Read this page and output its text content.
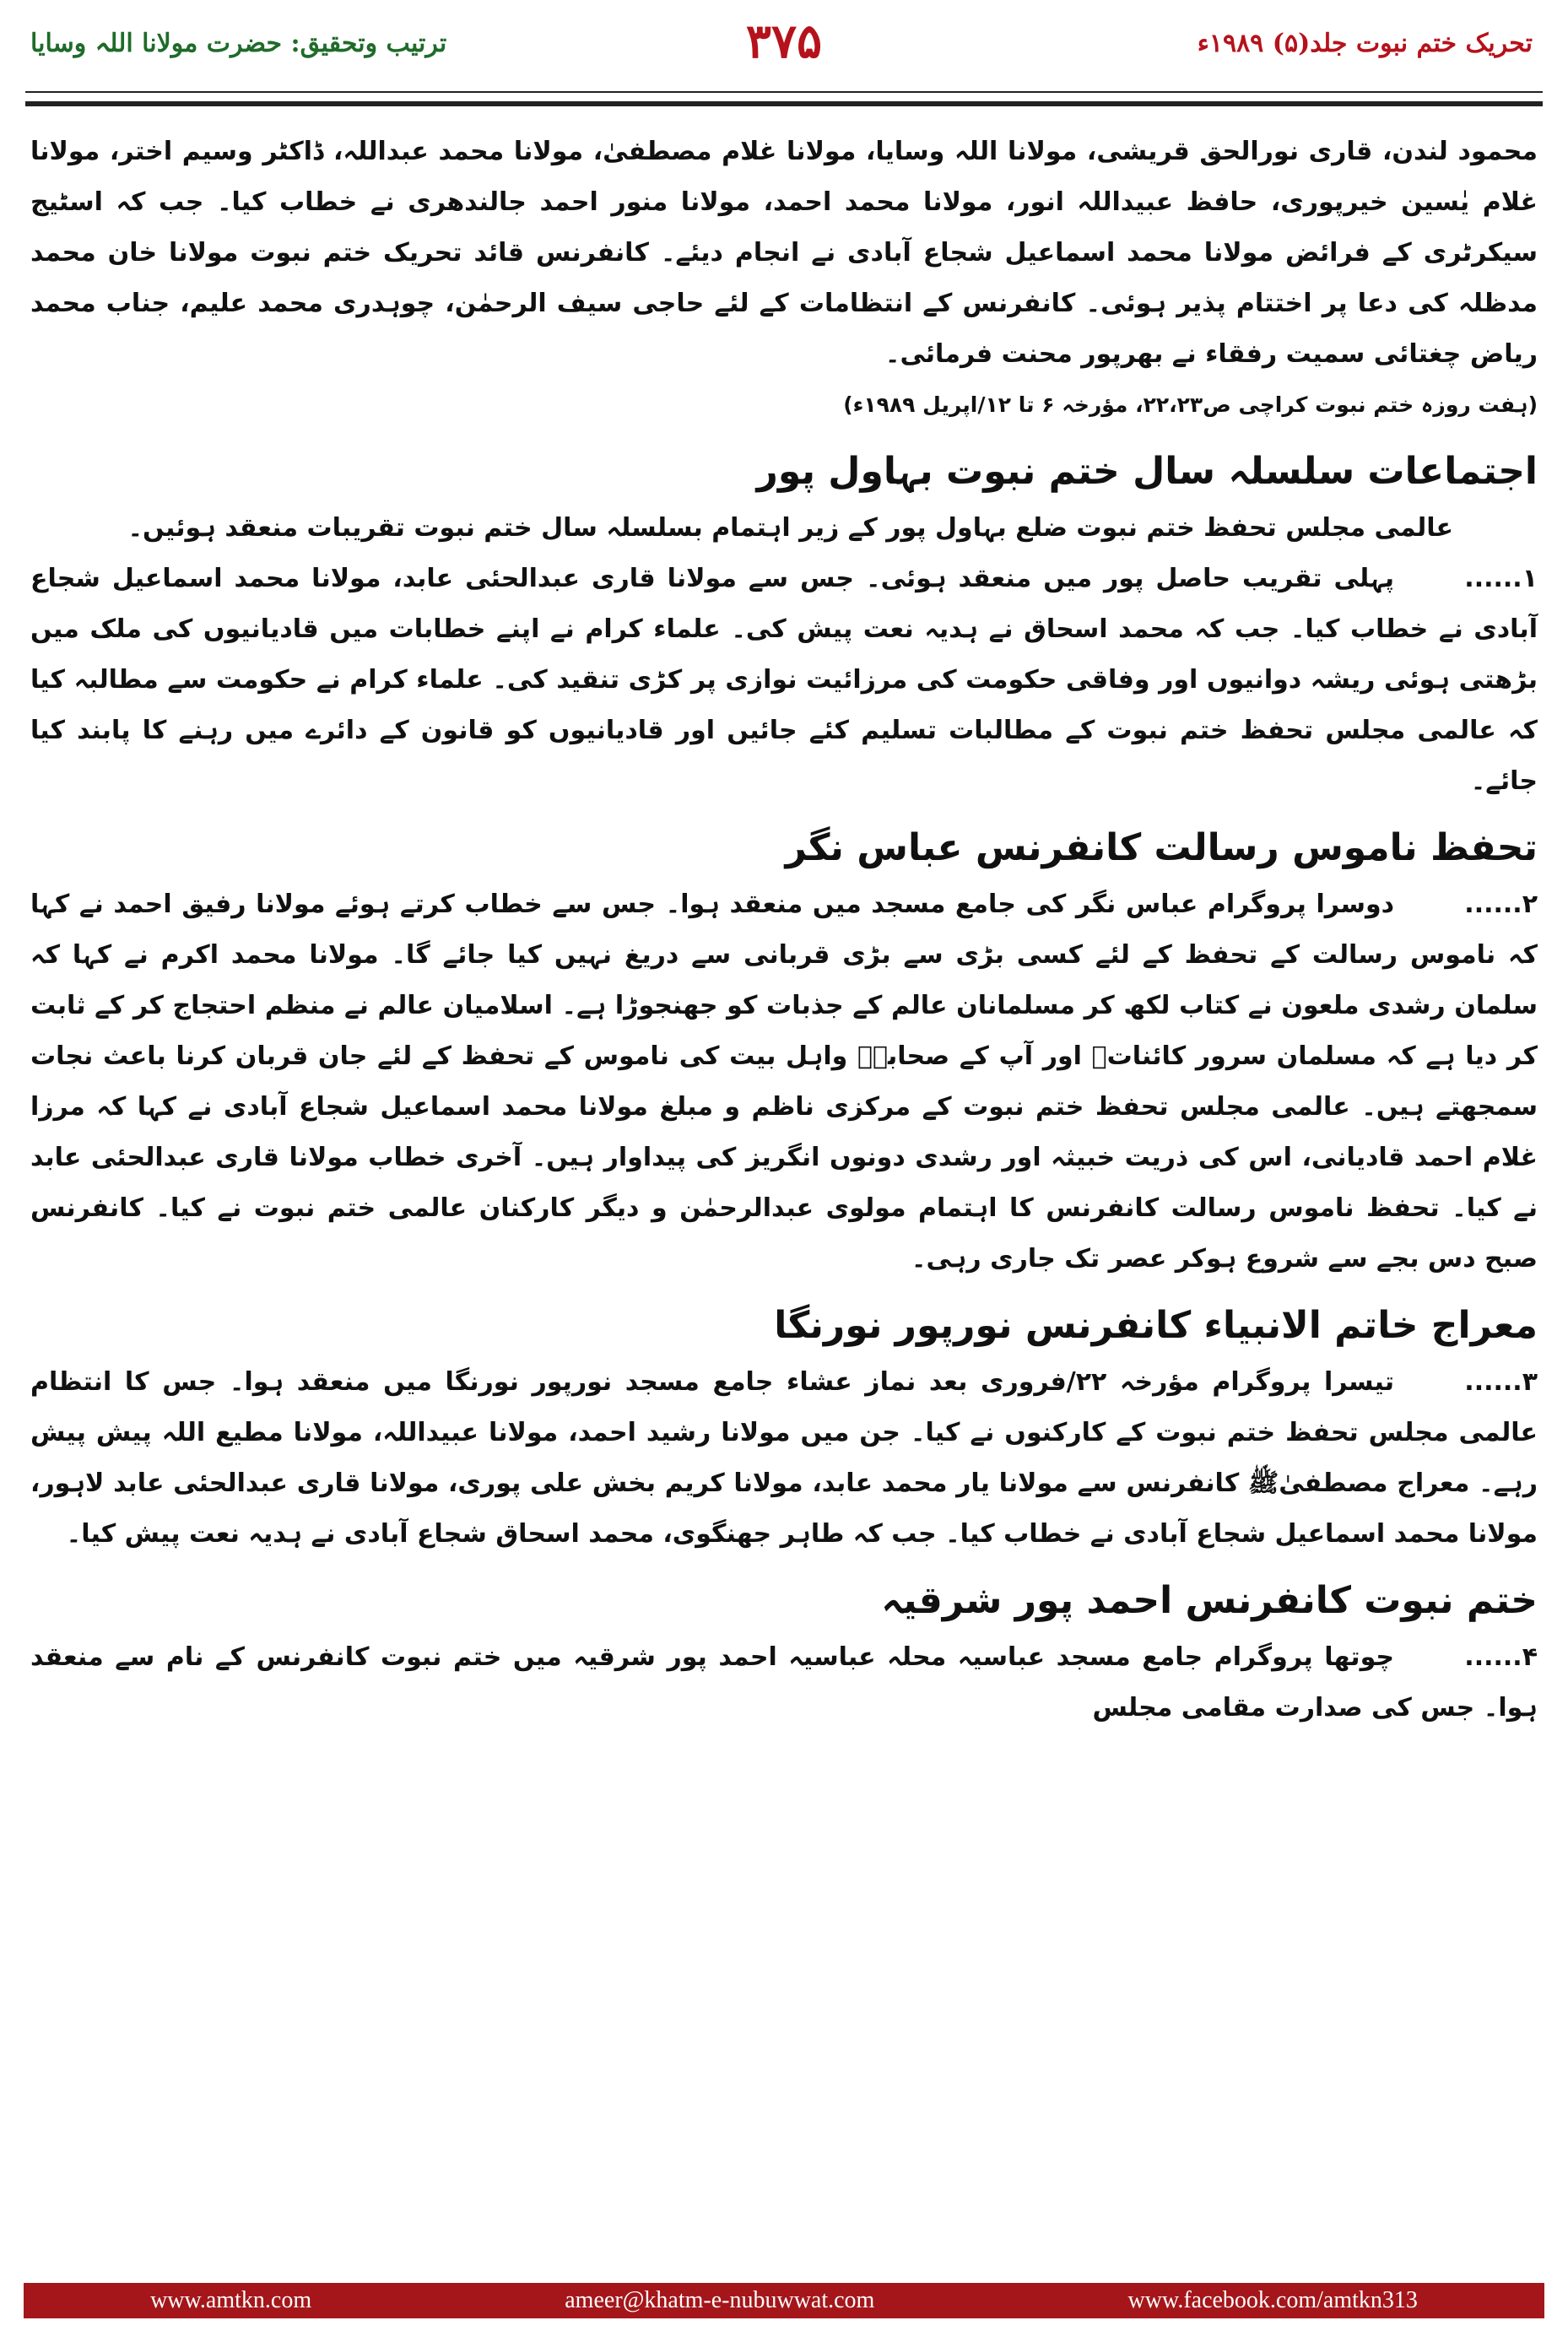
ترتیب وتحقیق: حضرت مولانا اللہ وسایا	۳۷۵	تحریک ختم نبوت جلد(۵) ۱۹۸۹ء

محمود لندن، قاری نورالحق قریشی، مولانا اللہ وسایا، مولانا غلام مصطفیٰ، مولانا محمد عبداللہ، ڈاکٹر وسیم اختر، مولانا غلام یٰسین خیرپوری، حافظ عبیداللہ انور، مولانا محمد احمد، مولانا منور احمد جالندھری نے خطاب کیا۔ جب کہ اسٹیج سیکرٹری کے فرائض مولانا محمد اسماعیل شجاع آبادی نے انجام دیئے۔ کانفرنس قائد تحریک ختم نبوت مولانا خان محمد مدظلہ کی دعا پر اختتام پذیر ہوئی۔ کانفرنس کے انتظامات کے لئے حاجی سیف الرحمٰن، چوہدری محمد علیم، جناب محمد ریاض چغتائی سمیت رفقاء نے بھرپور محنت فرمائی۔

(ہفت روزہ ختم نبوت کراچی ص۲۲،۲۳، مؤرخہ ۶ تا ۱۲/اپریل ۱۹۸۹ء)

اجتماعات سلسلہ سال ختم نبوت بہاول پور

عالمی مجلس تحفظ ختم نبوت ضلع بہاول پور کے زیر اہتمام بسلسلہ سال ختم نبوت تقریبات منعقد ہوئیں۔

۱......پہلی تقریب حاصل پور میں منعقد ہوئی۔ جس سے مولانا قاری عبدالحئی عابد، مولانا محمد اسماعیل شجاع آبادی نے خطاب کیا۔ جب کہ محمد اسحاق نے ہدیہ نعت پیش کی۔ علماء کرام نے اپنے خطابات میں قادیانیوں کی ملک میں بڑھتی ہوئی ریشہ دوانیوں اور وفاقی حکومت کی مرزائیت نوازی پر کڑی تنقید کی۔ علماء کرام نے حکومت سے مطالبہ کیا کہ عالمی مجلس تحفظ ختم نبوت کے مطالبات تسلیم کئے جائیں اور قادیانیوں کو قانون کے دائرے میں رہنے کا پابند کیا جائے۔

تحفظ ناموس رسالت کانفرنس عباس نگر

۲......دوسرا پروگرام عباس نگر کی جامع مسجد میں منعقد ہوا۔ جس سے خطاب کرتے ہوئے مولانا رفیق احمد نے کہا کہ ناموس رسالت کے تحفظ کے لئے کسی بڑی سے بڑی قربانی سے دریغ نہیں کیا جائے گا۔ مولانا محمد اکرم نے کہا کہ سلمان رشدی ملعون نے کتاب لکھ کر مسلمانان عالم کے جذبات کو جھنجوڑا ہے۔ اسلامیان عالم نے منظم احتجاج کر کے ثابت کر دیا ہے کہ مسلمان سرور کائناتﷺ اور آپ کے صحابہؓ واہل بیت کی ناموس کے تحفظ کے لئے جان قربان کرنا باعث نجات سمجھتے ہیں۔ عالمی مجلس تحفظ ختم نبوت کے مرکزی ناظم و مبلغ مولانا محمد اسماعیل شجاع آبادی نے کہا کہ مرزا غلام احمد قادیانی، اس کی ذریت خبیثہ اور رشدی دونوں انگریز کی پیداوار ہیں۔ آخری خطاب مولانا قاری عبدالحئی عابد نے کیا۔ تحفظ ناموس رسالت کانفرنس کا اہتمام مولوی عبدالرحمٰن و دیگر کارکنان عالمی ختم نبوت نے کیا۔ کانفرنس صبح دس بجے سے شروع ہوکر عصر تک جاری رہی۔

معراج خاتم الانبیاء کانفرنس نورپور نورنگا

۳......تیسرا پروگرام مؤرخہ ۲۲/فروری بعد نماز عشاء جامع مسجد نورپور نورنگا میں منعقد ہوا۔ جس کا انتظام عالمی مجلس تحفظ ختم نبوت کے کارکنوں نے کیا۔ جن میں مولانا رشید احمد، مولانا عبیداللہ، مولانا مطیع اللہ پیش پیش رہے۔ معراج مصطفیٰﷺ کانفرنس سے مولانا یار محمد عابد، مولانا کریم بخش علی پوری، مولانا قاری عبدالحئی عابد لاہور، مولانا محمد اسماعیل شجاع آبادی نے خطاب کیا۔ جب کہ طاہر جھنگوی، محمد اسحاق شجاع آبادی نے ہدیہ نعت پیش کیا۔

ختم نبوت کانفرنس احمد پور شرقیہ

۴......چوتھا پروگرام جامع مسجد عباسیہ محلہ عباسیہ احمد پور شرقیہ میں ختم نبوت کانفرنس کے نام سے منعقد ہوا۔ جس کی صدارت مقامی مجلس

www.amtkn.com	ameer@khatm-e-nubuwwat.com	www.facebook.com/amtkn313
